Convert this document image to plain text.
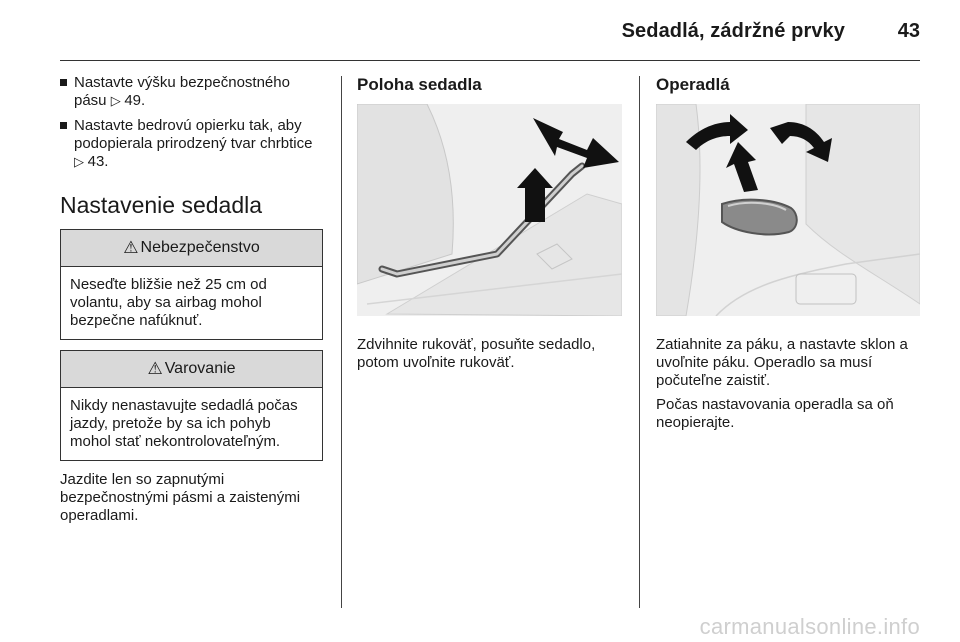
Sedadlá, zádržné prvky	43
Nastavte výšku bezpečnostného pásu ▷ 49.
Nastavte bedrovú opierku tak, aby podopierala prirodzený tvar chrbtice ▷ 43.
Nastavenie sedadla
⚠ Nebezpečenstvo
Neseďte bližšie než 25 cm od volantu, aby sa airbag mohol bezpečne nafúknuť.
⚠ Varovanie
Nikdy nenastavujte sedadlá počas jazdy, pretože by sa ich pohyb mohol stať nekontrolovateľným.
Jazdite len so zapnutými bezpečnostnými pásmi a zaistenými operadlami.
Poloha sedadla
Zdvihnite rukoväť, posuňte sedadlo, potom uvoľnite rukoväť.
Operadlá
Zatiahnite za páku, a nastavte sklon a uvoľnite páku. Operadlo sa musí počuteľne zaistiť.
Počas nastavovania operadla sa oň neopierajte.
carmanualsonline.info
